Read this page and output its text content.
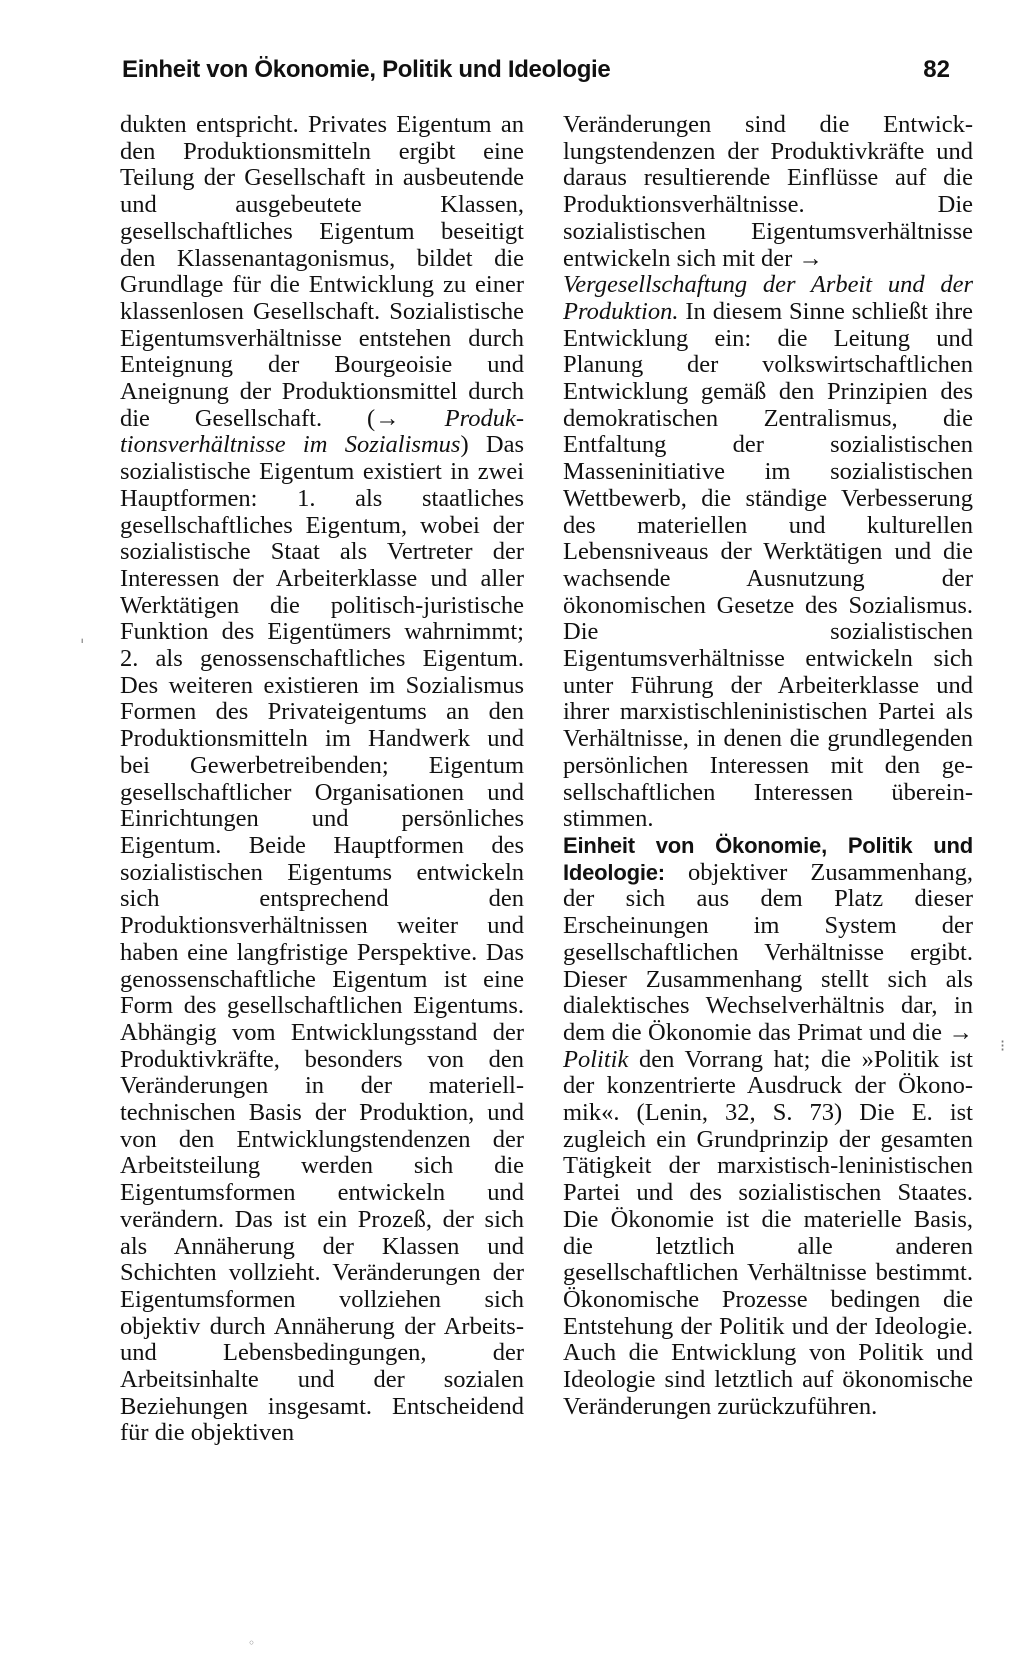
Einheit von Ökonomie, Politik und Ideologie	82

dukten entspricht. Privates Eigentum an den Produktionsmitteln ergibt eine Teilung der Gesellschaft in ausbeutende und ausgebeutete Klassen, gesellschaftliches Eigentum beseitigt den Klassenantagonismus, bildet die Grundlage für die Entwicklung zu einer klassenlosen Gesellschaft. Sozialistische Eigentumsverhältnisse entstehen durch Enteignung der Bourgeoisie und Aneignung der Produktionsmittel durch die Gesellschaft. (→ Produktionsverhältnisse im Sozialismus) Das sozialistische Eigentum existiert in zwei Hauptformen: 1. als staatliches gesellschaftliches Eigentum, wobei der sozialistische Staat als Vertreter der Interessen der Arbeiterklasse und aller Werktätigen die politisch-juristische Funktion des Eigentümers wahrnimmt; 2. als genossenschaftliches Eigentum. Des weiteren existieren im Sozialismus Formen des Privateigentums an den Produktionsmitteln im Handwerk und bei Gewerbetreibenden; Eigentum gesellschaftlicher Organisationen und Einrichtungen und persönliches Eigentum. Beide Hauptformen des sozialistischen Eigentums entwickeln sich entsprechend den Produktionsverhältnissen weiter und haben eine langfristige Perspektive. Das genossenschaftliche Eigentum ist eine Form des gesellschaftlichen Eigentums. Abhängig vom Entwicklungsstand der Produktivkräfte, besonders von den Veränderungen in der materielltechnischen Basis der Produktion, und von den Entwicklungstendenzen der Arbeitsteilung werden sich die Eigentumsformen entwickeln und verändern. Das ist ein Prozeß, der sich als Annäherung der Klassen und Schichten vollzieht. Veränderungen der Eigentumsformen vollziehen sich objektiv durch Annäherung der Arbeits- und Lebensbedingungen, der Arbeitsinhalte und der sozialen Beziehungen insgesamt. Entscheidend für die objektiven

Veränderungen sind die Entwicklungstendenzen der Produktivkräfte und daraus resultierende Einflüsse auf die Produktionsverhältnisse. Die sozialistischen Eigentumsverhältnisse entwickeln sich mit der →
Vergesellschaftung der Arbeit und der Produktion. In diesem Sinne schließt ihre Entwicklung ein: die Leitung und Planung der volkswirtschaftlichen Entwicklung gemäß den Prinzipien des demokratischen Zentralismus, die Entfaltung der sozialistischen Masseninitiative im sozialistischen Wettbewerb, die ständige Verbesserung des materiellen und kulturellen Lebensniveaus der Werktätigen und die wachsende Ausnutzung der ökonomischen Gesetze des Sozialismus. Die sozialistischen Eigentumsverhältnisse entwickeln sich unter Führung der Arbeiterklasse und ihrer marxistischleninistischen Partei als Verhältnisse, in denen die grundlegenden persönlichen Interessen mit den gesellschaftlichen Interessen übereinstimmen.

Einheit von Ökonomie, Politik und Ideologie: objektiver Zusammenhang, der sich aus dem Platz dieser Erscheinungen im System der gesellschaftlichen Verhältnisse ergibt. Dieser Zusammenhang stellt sich als dialektisches Wechselverhältnis dar, in dem die Ökonomie das Primat und die → Politik den Vorrang hat; die »Politik ist der konzentrierte Ausdruck der Ökonomik«. (Lenin, 32, S. 73) Die E. ist zugleich ein Grundprinzip der gesamten Tätigkeit der marxistisch-leninistischen Partei und des sozialistischen Staates. Die Ökonomie ist die materielle Basis, die letztlich alle anderen gesellschaftlichen Verhältnisse bestimmt. Ökonomische Prozesse bedingen die Entstehung der Politik und der Ideologie. Auch die Entwicklung von Politik und Ideologie sind letztlich auf ökonomische Veränderungen zurückzuführen.

ˈ
⁝
◦
